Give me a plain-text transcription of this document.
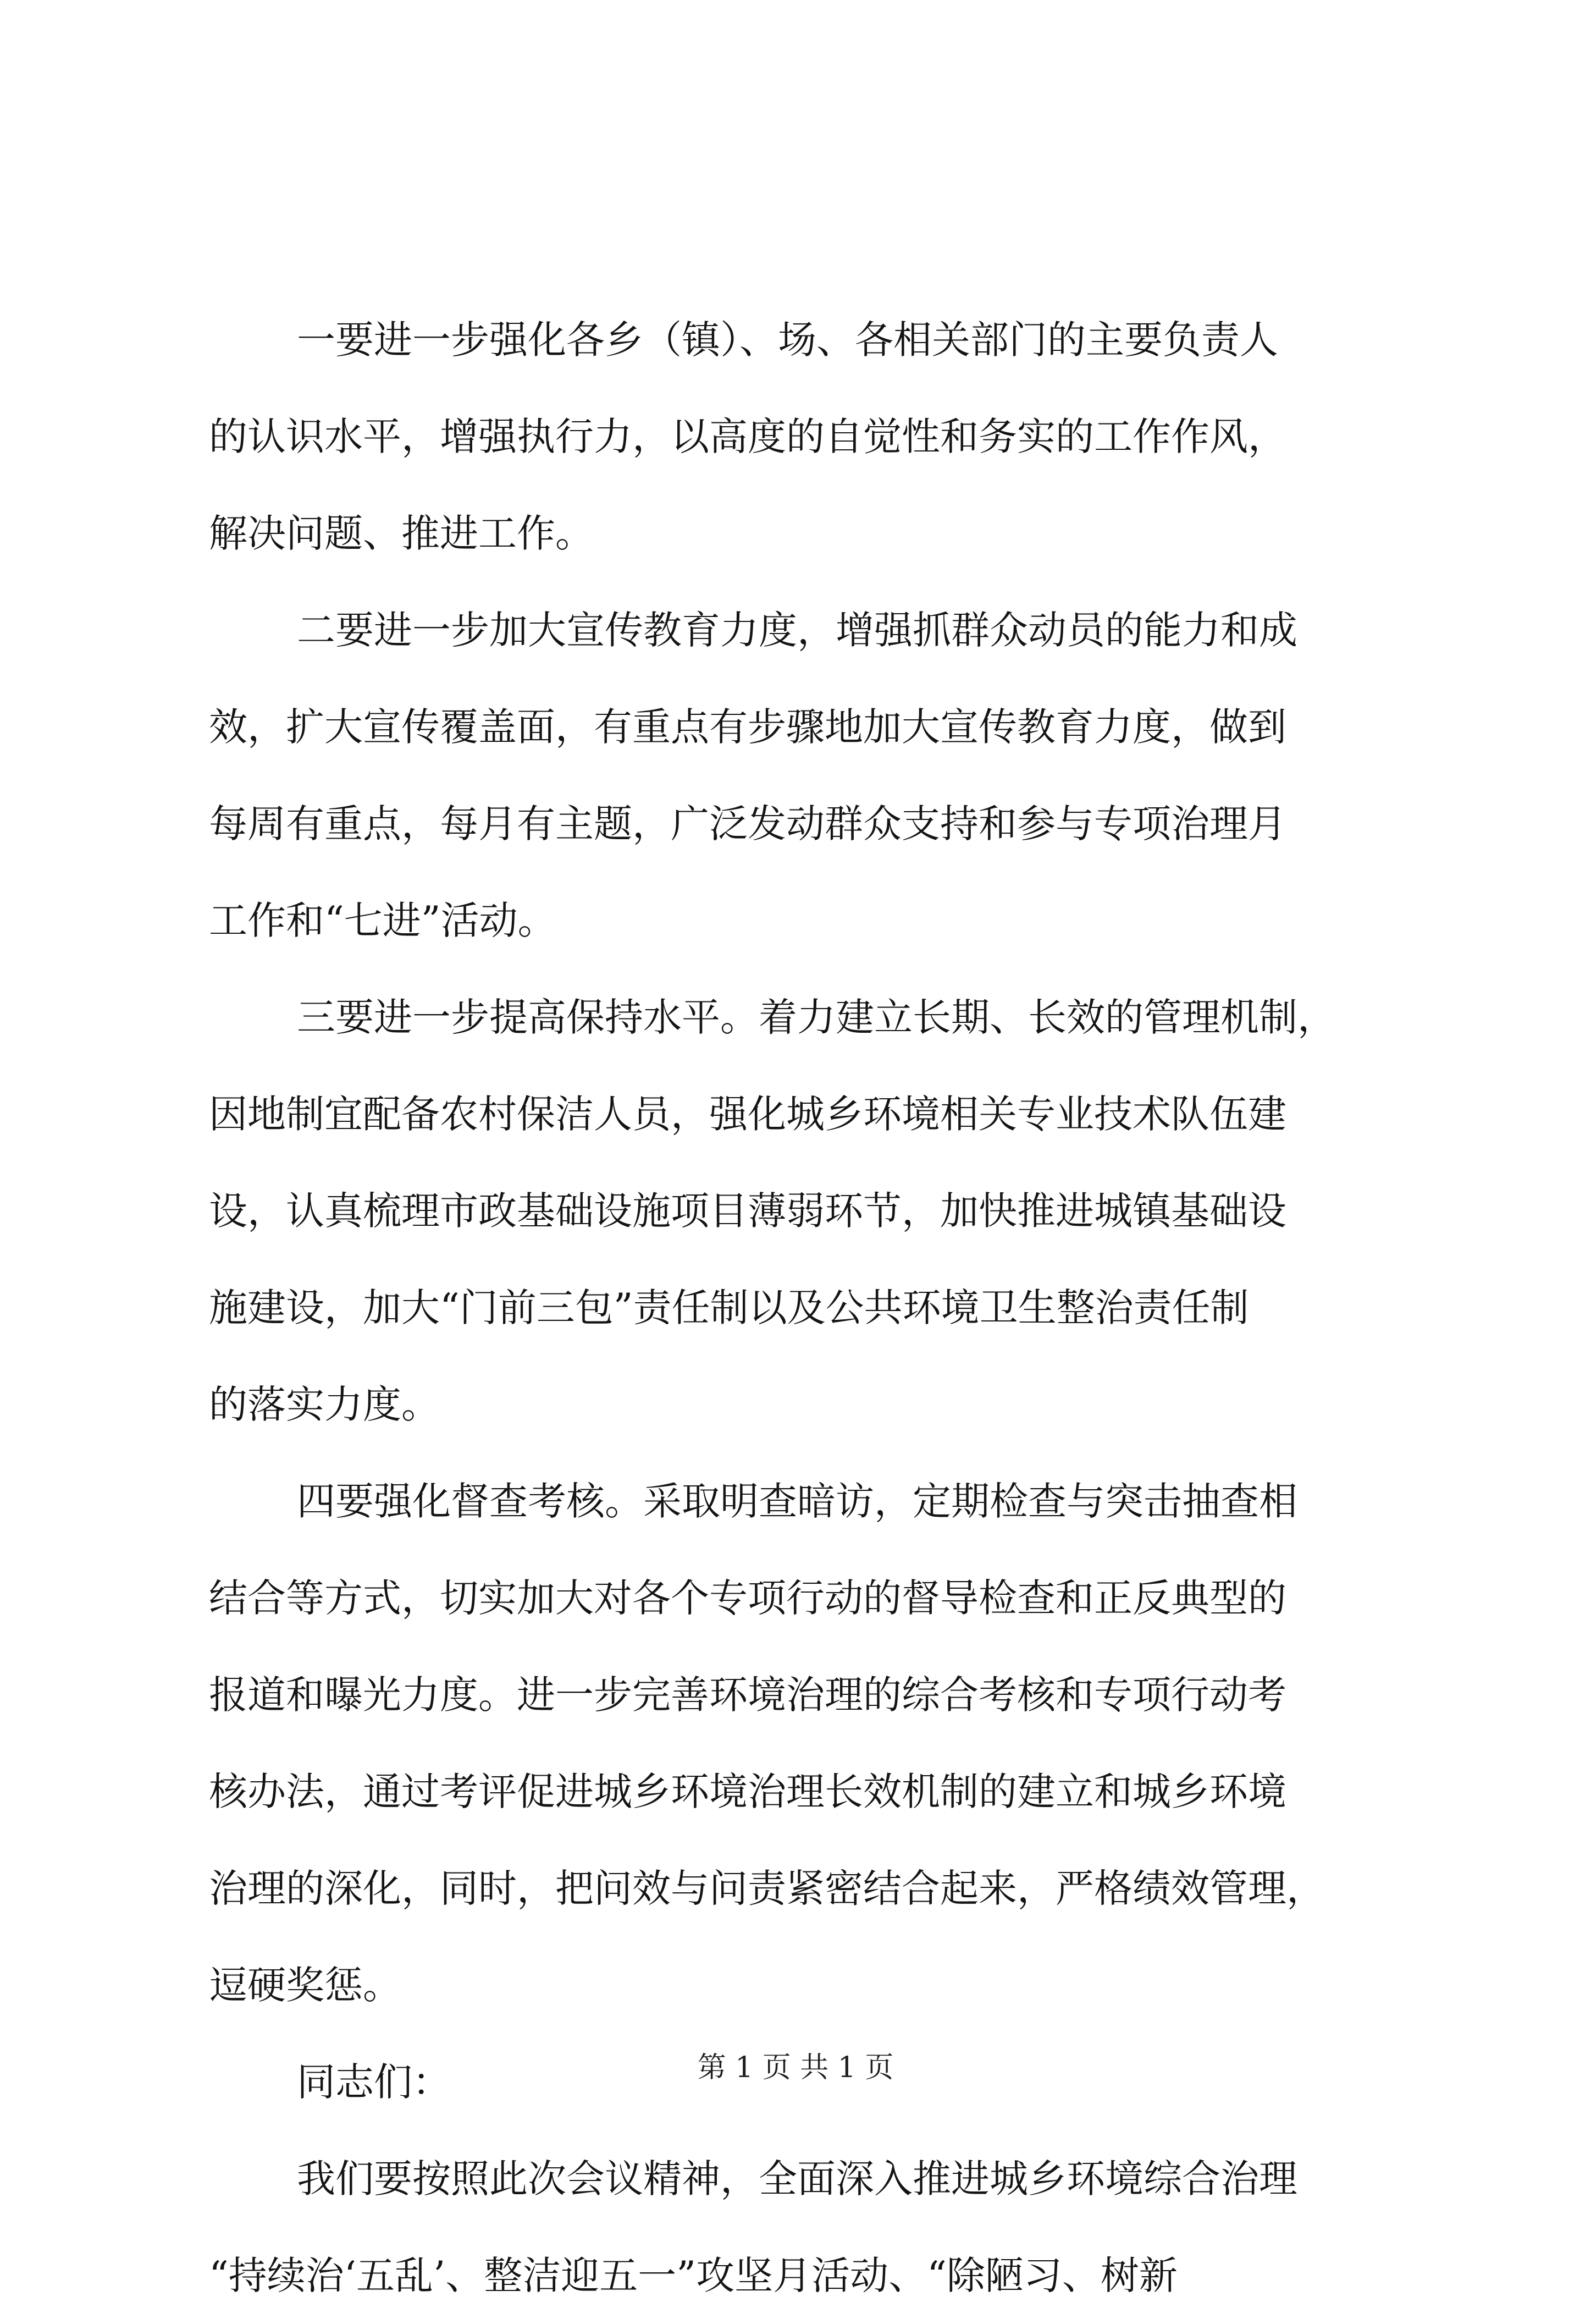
一要进一步强化各乡（镇）、场、各相关部门的主要负责人
的认识水平，增强执行力，以高度的自觉性和务实的工作作风，
解决问题、推进工作。
二要进一步加大宣传教育力度，增强抓群众动员的能力和成
效，扩大宣传覆盖面，有重点有步骤地加大宣传教育力度，做到
每周有重点，每月有主题，广泛发动群众支持和参与专项治理月
工作和“七进”活动。
三要进一步提高保持水平。着力建立长期、长效的管理机制，
因地制宜配备农村保洁人员，强化城乡环境相关专业技术队伍建
设，认真梳理市政基础设施项目薄弱环节，加快推进城镇基础设
施建设，加大“门前三包”责任制以及公共环境卫生整治责任制
的落实力度。
四要强化督查考核。采取明查暗访，定期检查与突击抽查相
结合等方式，切实加大对各个专项行动的督导检查和正反典型的
报道和曝光力度。进一步完善环境治理的综合考核和专项行动考
核办法，通过考评促进城乡环境治理长效机制的建立和城乡环境
治理的深化，同时，把问效与问责紧密结合起来，严格绩效管理，
逗硬奖惩。
同志们：
我们要按照此次会议精神，全面深入推进城乡环境综合治理
“持续治‘五乱’、整洁迎五一”攻坚月活动、“除陋习、树新
第 1 页 共 1 页
